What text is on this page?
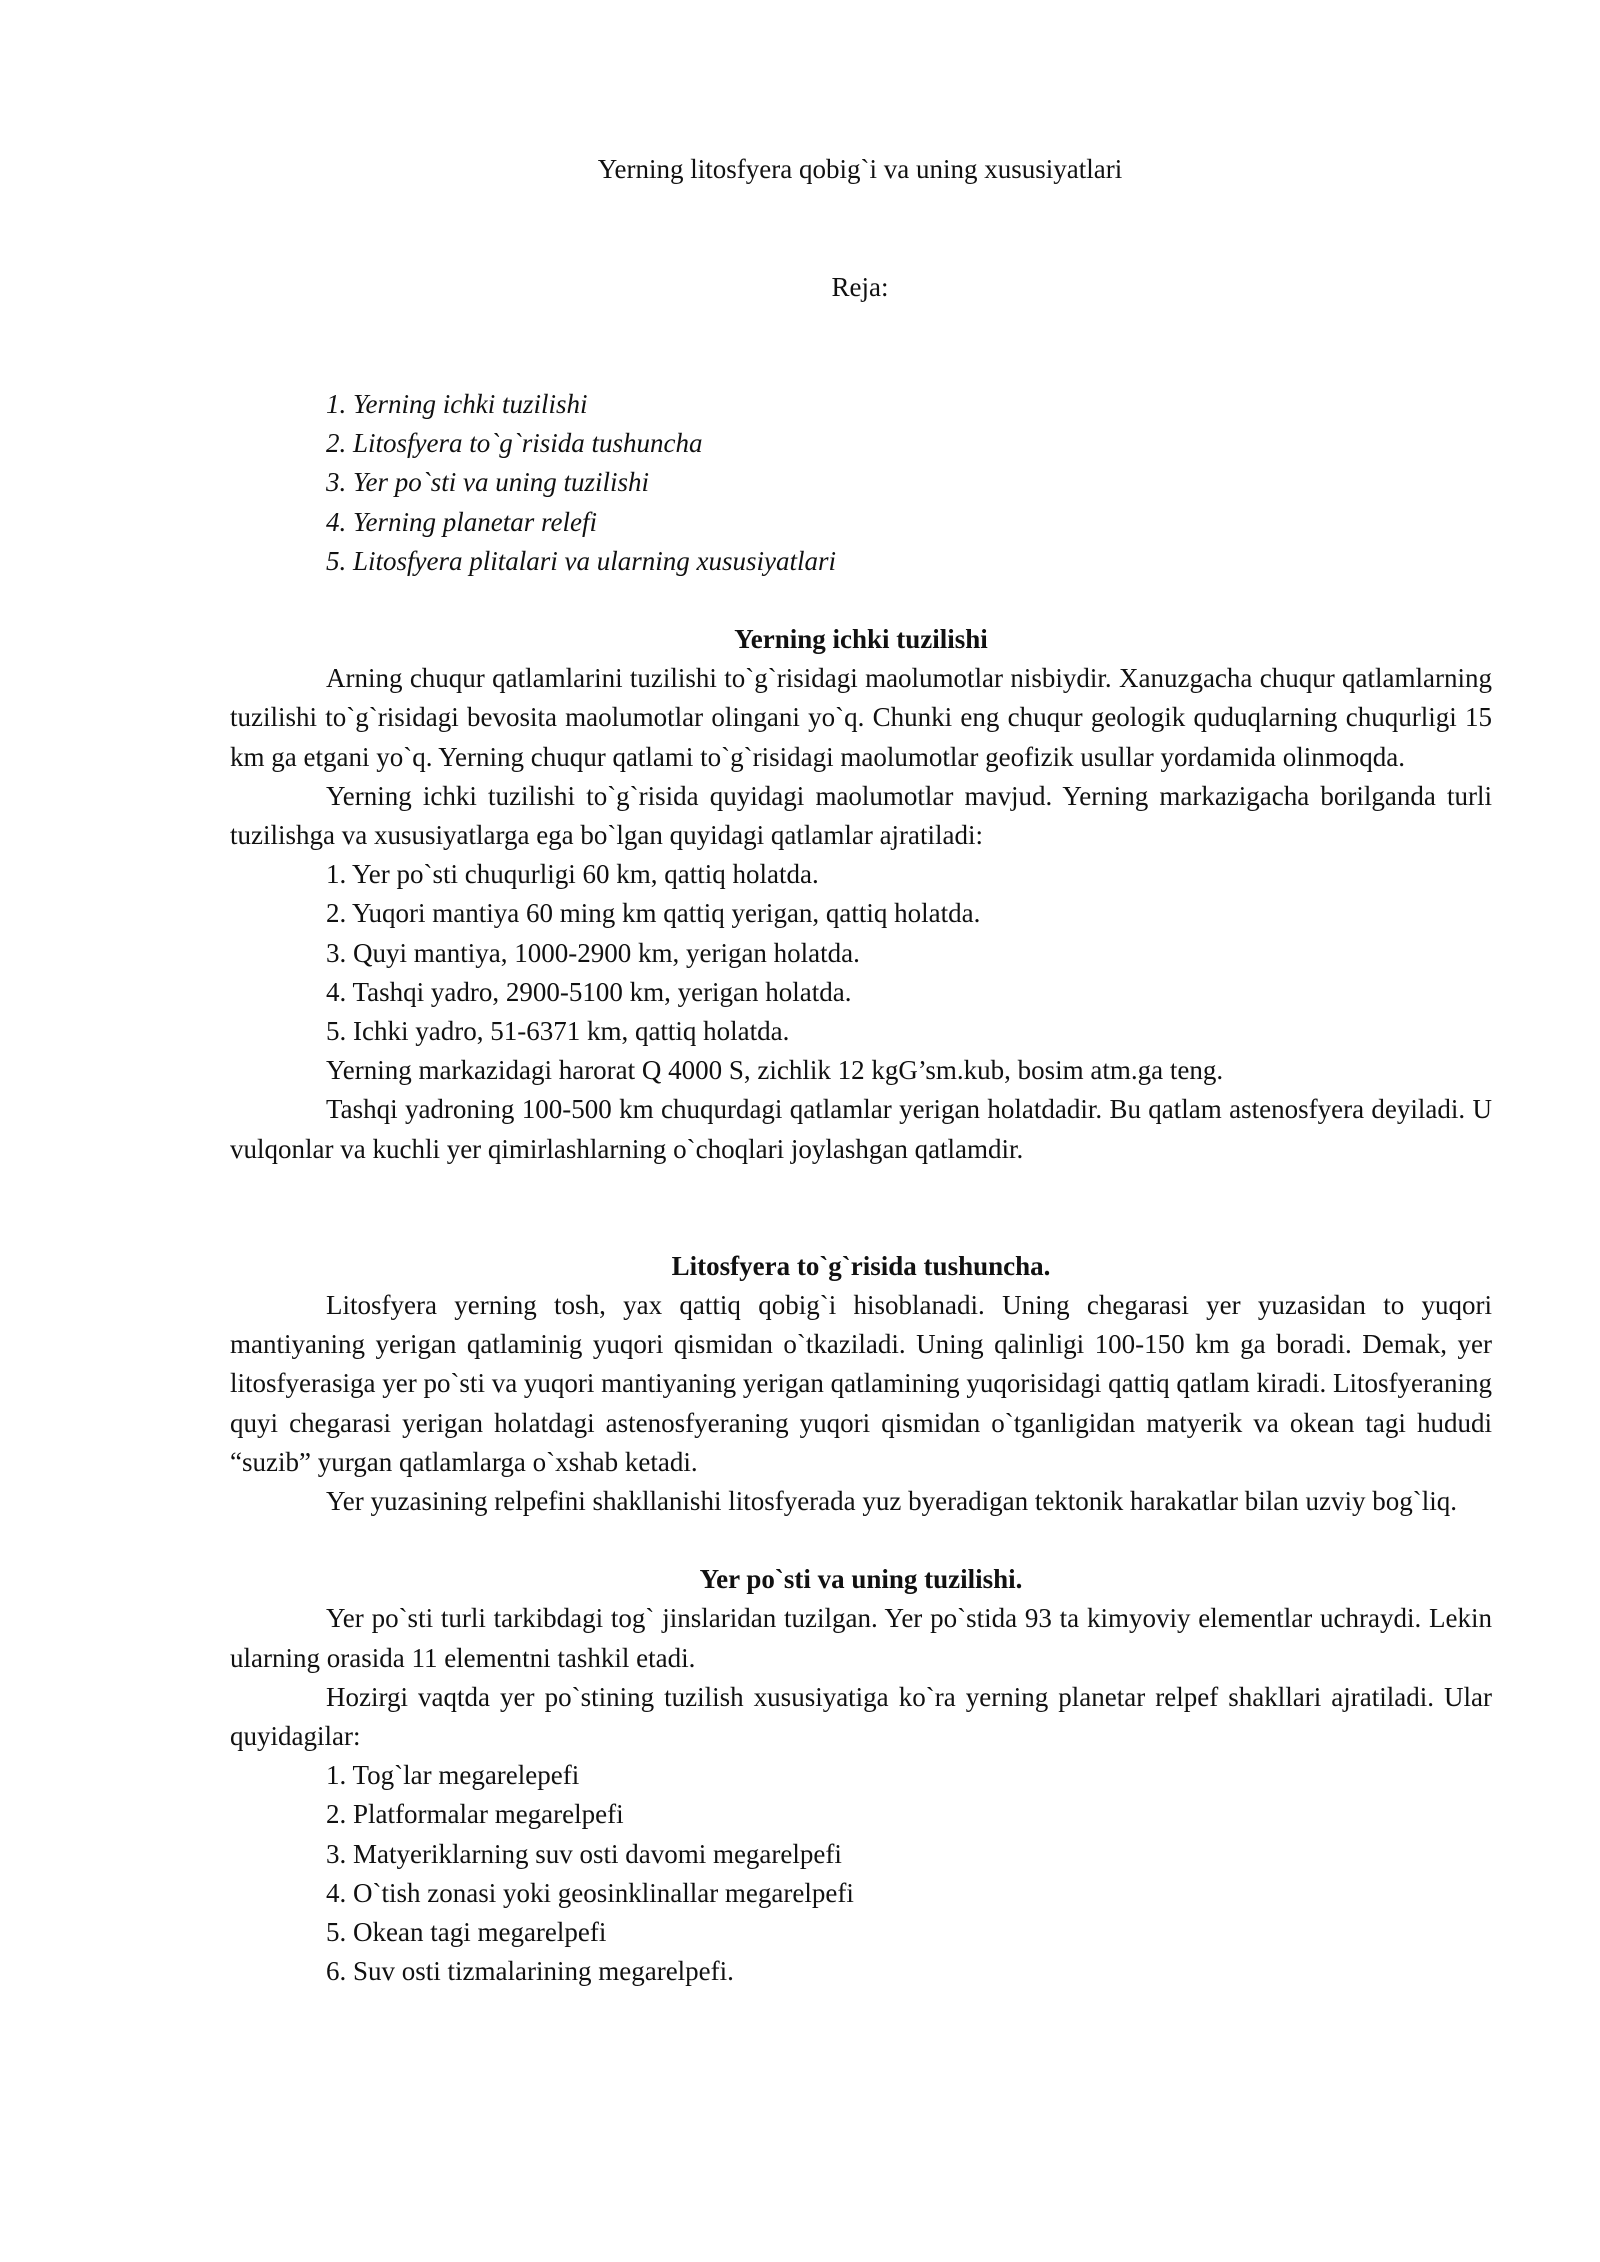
Yerning litosfyera qobig`i va uning xususiyatlari
Reja:
1. Yerning ichki tuzilishi
2. Litosfyera to`g`risida tushuncha
3. Yer po`sti va uning tuzilishi
4. Yerning planetar relefi
5. Litosfyera plitalari va ularning xususiyatlari
Yerning ichki tuzilishi

Arning chuqur qatlamlarini tuzilishi to`g`risidagi maolumotlar nisbiydir. Xanuzgacha chuqur qatlamlarning tuzilishi to`g`risidagi bevosita maolumotlar olingani yo`q. Chunki eng chuqur geologik quduqlarning chuqurligi 15 km ga etgani yo`q. Yerning chuqur qatlami to`g`risidagi maolumotlar geofizik usullar yordamida olinmoqda.

Yerning ichki tuzilishi to`g`risida quyidagi maolumotlar mavjud. Yerning markazigacha borilganda turli tuzilishga va xususiyatlarga ega bo`lgan quyidagi qatlamlar ajratiladi:

1. Yer po`sti chuqurligi 60 km, qattiq holatda.

2. Yuqori mantiya 60 ming km qattiq yerigan, qattiq holatda.

3. Quyi mantiya, 1000-2900 km, yerigan holatda.

4. Tashqi yadro, 2900-5100 km, yerigan holatda.

5. Ichki yadro, 51-6371 km, qattiq holatda.

Yerning markazidagi harorat Q 4000 S, zichlik 12 kgG’sm.kub, bosim atm.ga teng.

Tashqi yadroning 100-500 km chuqurdagi qatlamlar yerigan holatdadir. Bu qatlam astenosfyera deyiladi. U vulqonlar va kuchli yer qimirlashlarning o`choqlari joylashgan qatlamdir.

Litosfyera to`g`risida tushuncha.

Litosfyera yerning tosh, yax qattiq qobig`i hisoblanadi. Uning chegarasi yer yuzasidan to yuqori mantiyaning yerigan qatlaminig yuqori qismidan o`tkaziladi. Uning qalinligi 100-150 km ga boradi. Demak, yer litosfyerasiga yer po`sti va yuqori mantiyaning yerigan qatlamining yuqorisidagi qattiq qatlam kiradi. Litosfyeraning quyi chegarasi yerigan holatdagi astenosfyeraning yuqori qismidan o`tganligidan matyerik va okean tagi hududi “suzib” yurgan qatlamlarga o`xshab ketadi.

Yer yuzasining relpefini shakllanishi litosfyerada yuz byeradigan tektonik harakatlar bilan uzviy bog`liq.

Yer po`sti va uning tuzilishi.

Yer po`sti turli tarkibdagi tog` jinslaridan tuzilgan. Yer po`stida 93 ta kimyoviy elementlar uchraydi. Lekin ularning orasida 11 elementni tashkil etadi.

Hozirgi vaqtda yer po`stining tuzilish xususiyatiga ko`ra yerning planetar relpef shakllari ajratiladi. Ular quyidagilar:

1. Tog`lar megarelepefi

2. Platformalar megarelpefi

3. Matyeriklarning suv osti davomi megarelpefi

4. O`tish zonasi yoki geosinklinallar megarelpefi

5. Okean tagi megarelpefi

6. Suv osti tizmalarining megarelpefi.
